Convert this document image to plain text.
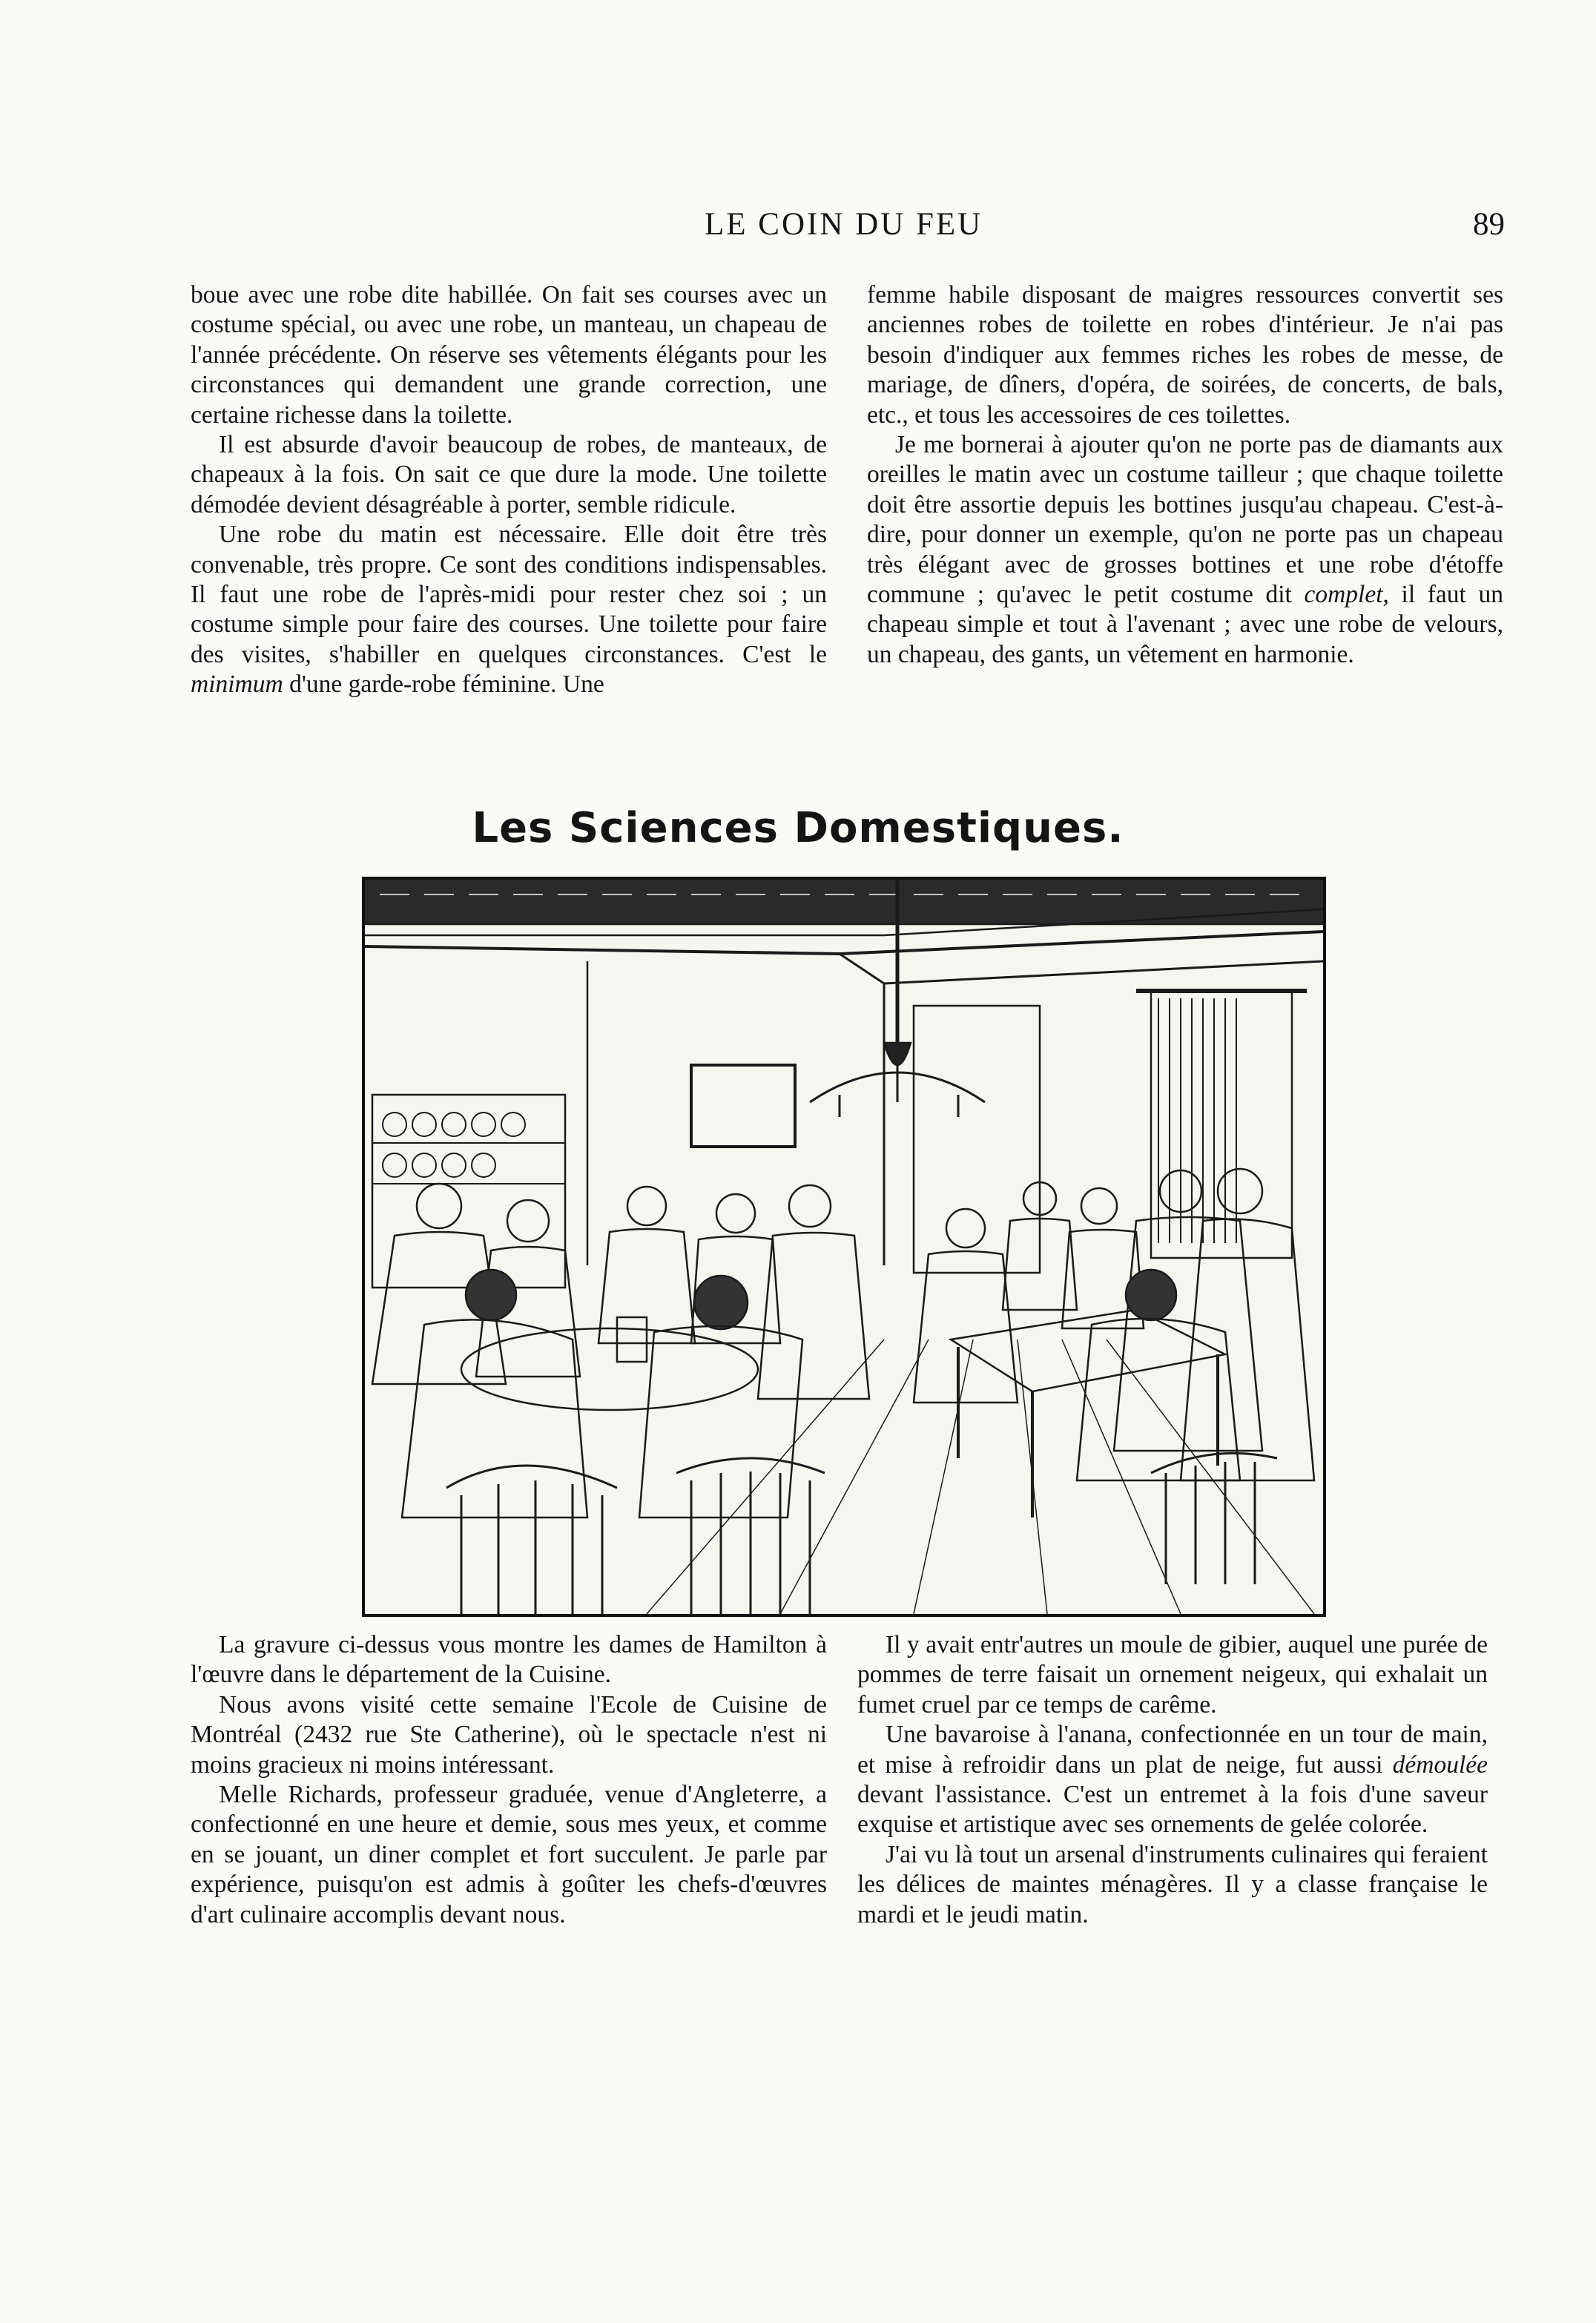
LE COIN DU FEU	89

boue avec une robe dite habillée. On fait ses courses avec un costume spécial, ou avec une robe, un manteau, un chapeau de l'année précédente. On réserve ses vêtements élégants pour les circonstances qui demandent une grande correction, une certaine richesse dans la toilette.

Il est absurde d'avoir beaucoup de robes, de manteaux, de chapeaux à la fois. On sait ce que dure la mode. Une toilette démodée devient désagréable à porter, semble ridicule.

Une robe du matin est nécessaire. Elle doit être très convenable, très propre. Ce sont des conditions indispensables. Il faut une robe de l'après-midi pour rester chez soi ; un costume simple pour faire des courses. Une toilette pour faire des visites, s'habiller en quelques circonstances. C'est le minimum d'une garde-robe féminine. Une

femme habile disposant de maigres ressources convertit ses anciennes robes de toilette en robes d'intérieur. Je n'ai pas besoin d'indiquer aux femmes riches les robes de messe, de mariage, de dîners, d'opéra, de soirées, de concerts, de bals, etc., et tous les accessoires de ces toilettes.

Je me bornerai à ajouter qu'on ne porte pas de diamants aux oreilles le matin avec un costume tailleur ; que chaque toilette doit être assortie depuis les bottines jusqu'au chapeau. C'est-à-dire, pour donner un exemple, qu'on ne porte pas un chapeau très élégant avec de grosses bottines et une robe d'étoffe commune ; qu'avec le petit costume dit complet, il faut un chapeau simple et tout à l'avenant ; avec une robe de velours, un chapeau, des gants, un vêtement en harmonie.

Les Sciences Domestiques.

La gravure ci-dessus vous montre les dames de Hamilton à l'œuvre dans le département de la Cuisine.

Nous avons visité cette semaine l'Ecole de Cuisine de Montréal (2432 rue Ste Catherine), où le spectacle n'est ni moins gracieux ni moins intéressant.

Melle Richards, professeur graduée, venue d'Angleterre, a confectionné en une heure et demie, sous mes yeux, et comme en se jouant, un diner complet et fort succulent. Je parle par expérience, puisqu'on est admis à goûter les chefs-d'œuvres d'art culinaire accomplis devant nous.

Il y avait entr'autres un moule de gibier, auquel une purée de pommes de terre faisait un ornement neigeux, qui exhalait un fumet cruel par ce temps de carême.

Une bavaroise à l'anana, confectionnée en un tour de main, et mise à refroidir dans un plat de neige, fut aussi démoulée devant l'assistance. C'est un entremet à la fois d'une saveur exquise et artistique avec ses ornements de gelée colorée.

J'ai vu là tout un arsenal d'instruments culinaires qui feraient les délices de maintes ménagères. Il y a classe française le mardi et le jeudi matin.
